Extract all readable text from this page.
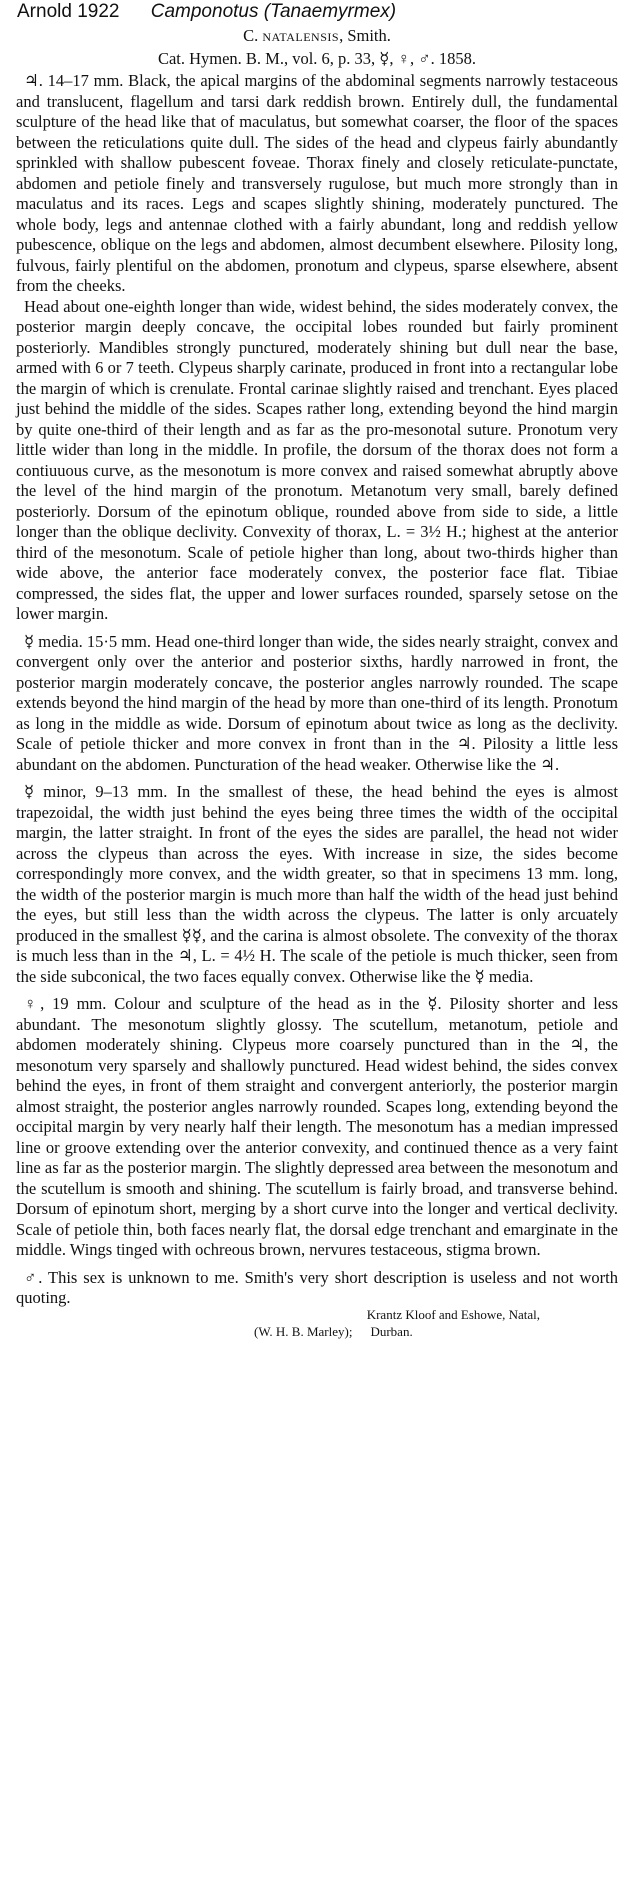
Arnold 1922 Camponotus (Tanaemyrmex)
C. natalensis, Smith.
Cat. Hymen. B. M., vol. 6, p. 33, ☿, ♀, ♂. 1858.

♃. 14–17 mm. Black, the apical margins of the abdominal segments narrowly testaceous and translucent, flagellum and tarsi dark reddish brown. Entirely dull, the fundamental sculpture of the head like that of maculatus, but somewhat coarser, the floor of the spaces between the reticulations quite dull. The sides of the head and clypeus fairly abundantly sprinkled with shallow pubescent foveae. Thorax finely and closely reticulate-punctate, abdomen and petiole finely and transversely rugulose, but much more strongly than in maculatus and its races. Legs and scapes slightly shining, moderately punctured. The whole body, legs and antennae clothed with a fairly abundant, long and reddish yellow pubescence, oblique on the legs and abdomen, almost decumbent elsewhere. Pilosity long, fulvous, fairly plentiful on the abdomen, pronotum and clypeus, sparse elsewhere, absent from the cheeks.

Head about one-eighth longer than wide, widest behind, the sides moderately convex, the posterior margin deeply concave, the occipital lobes rounded but fairly prominent posteriorly. Mandibles strongly punctured, moderately shining but dull near the base, armed with 6 or 7 teeth. Clypeus sharply carinate, produced in front into a rectangular lobe the margin of which is crenulate. Frontal carinae slightly raised and trenchant. Eyes placed just behind the middle of the sides. Scapes rather long, extending beyond the hind margin by quite one-third of their length and as far as the pro-mesonotal suture. Pronotum very little wider than long in the middle. In profile, the dorsum of the thorax does not form a contiuuous curve, as the mesonotum is more convex and raised somewhat abruptly above the level of the hind margin of the pronotum. Metanotum very small, barely defined posteriorly. Dorsum of the epinotum oblique, rounded above from side to side, a little longer than the oblique declivity. Convexity of thorax, L. = 3½ H.; highest at the anterior third of the mesonotum. Scale of petiole higher than long, about two-thirds higher than wide above, the anterior face moderately convex, the posterior face flat. Tibiae compressed, the sides flat, the upper and lower surfaces rounded, sparsely setose on the lower margin.

☿ media. 15·5 mm. Head one-third longer than wide, the sides nearly straight, convex and convergent only over the anterior and posterior sixths, hardly narrowed in front, the posterior margin moderately concave, the posterior angles narrowly rounded. The scape extends beyond the hind margin of the head by more than one-third of its length. Pronotum as long in the middle as wide. Dorsum of epinotum about twice as long as the declivity. Scale of petiole thicker and more convex in front than in the ♃. Pilosity a little less abundant on the abdomen. Puncturation of the head weaker. Otherwise like the ♃.

☿ minor, 9–13 mm. In the smallest of these, the head behind the eyes is almost trapezoidal, the width just behind the eyes being three times the width of the occipital margin, the latter straight. In front of the eyes the sides are parallel, the head not wider across the clypeus than across the eyes. With increase in size, the sides become correspondingly more convex, and the width greater, so that in specimens 13 mm. long, the width of the posterior margin is much more than half the width of the head just behind the eyes, but still less than the width across the clypeus. The latter is only arcuately produced in the smallest ☿☿, and the carina is almost obsolete. The convexity of the thorax is much less than in the ♃, L. = 4½ H. The scale of the petiole is much thicker, seen from the side subconical, the two faces equally convex. Otherwise like the ☿ media.

♀, 19 mm. Colour and sculpture of the head as in the ☿. Pilosity shorter and less abundant. The mesonotum slightly glossy. The scutellum, metanotum, petiole and abdomen moderately shining. Clypeus more coarsely punctured than in the ♃, the mesonotum very sparsely and shallowly punctured. Head widest behind, the sides convex behind the eyes, in front of them straight and convergent anteriorly, the posterior margin almost straight, the posterior angles narrowly rounded. Scapes long, extending beyond the occipital margin by very nearly half their length. The mesonotum has a median impressed line or groove extending over the anterior convexity, and continued thence as a very faint line as far as the posterior margin. The slightly depressed area between the mesonotum and the scutellum is smooth and shining. The scutellum is fairly broad, and transverse behind. Dorsum of epinotum short, merging by a short curve into the longer and vertical declivity. Scale of petiole thin, both faces nearly flat, the dorsal edge trenchant and emarginate in the middle. Wings tinged with ochreous brown, nervures testaceous, stigma brown.

♂. This sex is unknown to me. Smith's very short description is useless and not worth quoting.

Krantz Kloof and Eshowe, Natal,
(W. H. B. Marley); Durban.
